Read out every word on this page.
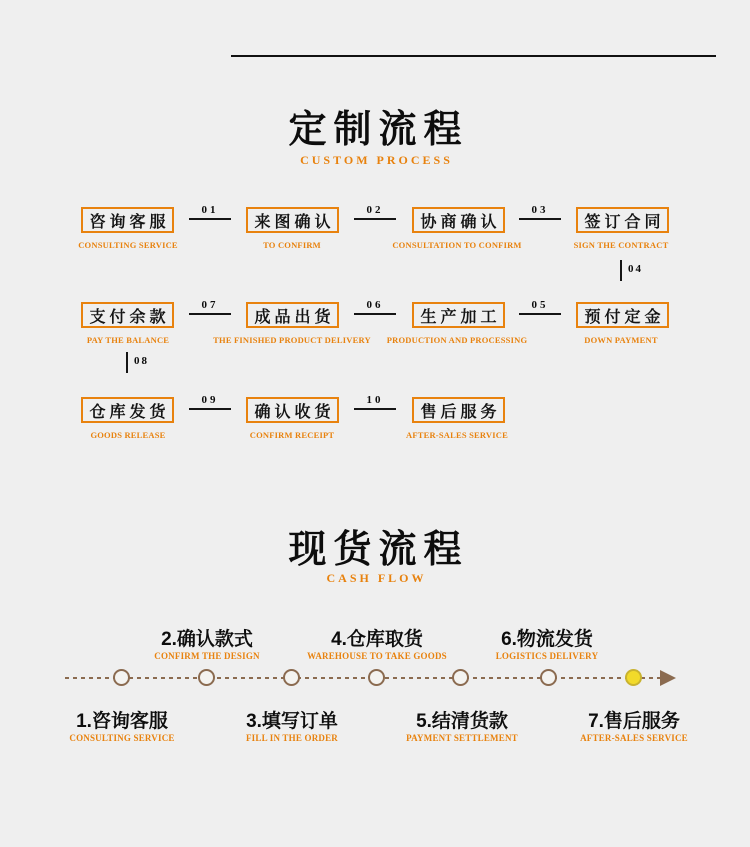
定制流程
CUSTOM PROCESS
咨询客服
CONSULTING SERVICE
01
来图确认
TO CONFIRM
02
协商确认
CONSULTATION TO CONFIRM
03
签订合同
SIGN THE CONTRACT
04
支付余款
PAY THE BALANCE
07
成品出货
THE FINISHED PRODUCT DELIVERY
06
生产加工
PRODUCTION AND PROCESSING
05
预付定金
DOWN PAYMENT
08
仓库发货
GOODS RELEASE
09
确认收货
CONFIRM RECEIPT
10
售后服务
AFTER-SALES SERVICE
现货流程
CASH FLOW
2.确认款式
CONFIRM THE DESIGN
4.仓库取货
WAREHOUSE TO TAKE GOODS
6.物流发货
LOGISTICS DELIVERY
1.咨询客服
CONSULTING SERVICE
3.填写订单
FILL IN THE ORDER
5.结清货款
PAYMENT SETTLEMENT
7.售后服务
AFTER-SALES SERVICE
